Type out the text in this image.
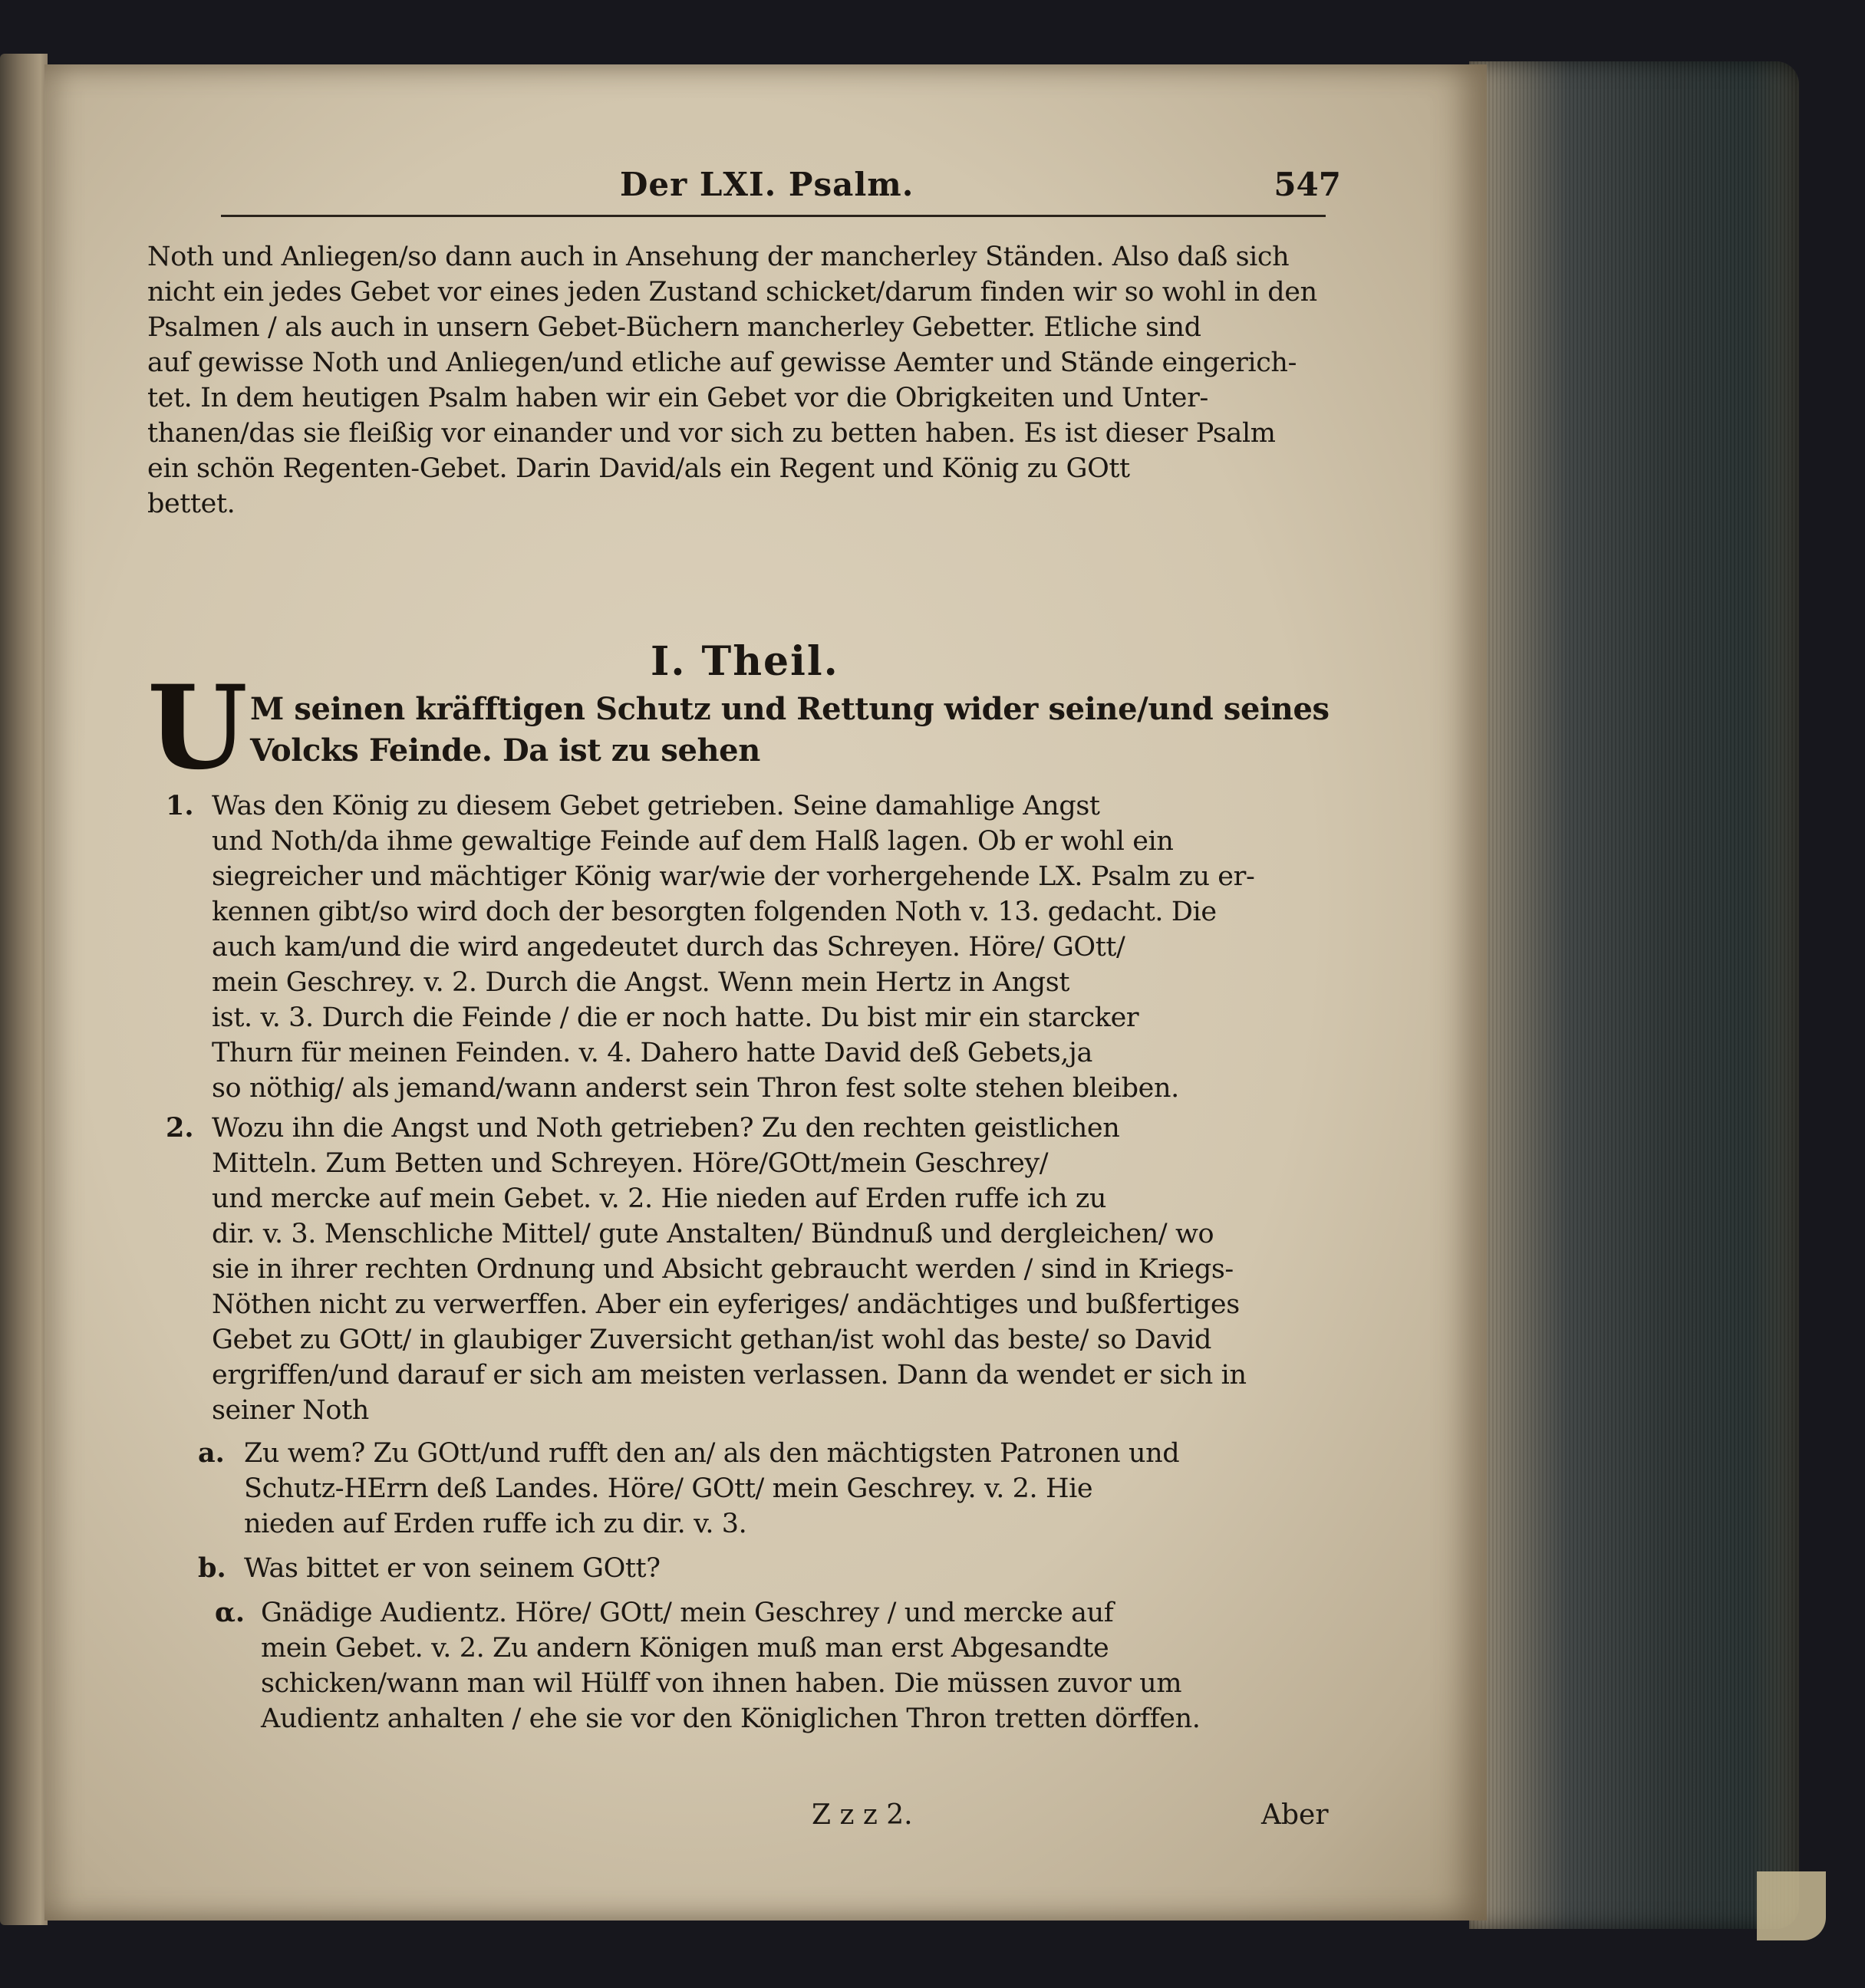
Der LXI. Psalm.	547
Noth und Anliegen/so dann auch in Ansehung der mancherley Ständen. Also daß sich
nicht ein jedes Gebet vor eines jeden Zustand schicket/darum finden wir so wohl in den
Psalmen / als auch in unsern Gebet-Büchern mancherley Gebetter. Etliche sind
auf gewisse Noth und Anliegen/und etliche auf gewisse Aemter und Stände eingerich-
tet. In dem heutigen Psalm haben wir ein Gebet vor die Obrigkeiten und Unter-
thanen/das sie fleißig vor einander und vor sich zu betten haben. Es ist dieser Psalm
ein schön Regenten-Gebet. Darin David/als ein Regent und König zu GOtt
bettet.
I. Theil.
U M seinen kräfftigen Schutz und Rettung wider seine/und seines
Volcks Feinde. Da ist zu sehen
1. Was den König zu diesem Gebet getrieben. Seine damahlige Angst
und Noth/da ihme gewaltige Feinde auf dem Halß lagen. Ob er wohl ein
siegreicher und mächtiger König war/wie der vorhergehende LX. Psalm zu er-
kennen gibt/so wird doch der besorgten folgenden Noth v. 13. gedacht. Die
auch kam/und die wird angedeutet durch das Schreyen. Höre/ GOtt/
mein Geschrey. v. 2. Durch die Angst. Wenn mein Hertz in Angst
ist. v. 3. Durch die Feinde / die er noch hatte. Du bist mir ein starcker
Thurn für meinen Feinden. v. 4. Dahero hatte David deß Gebets,ja
so nöthig/ als jemand/wann anderst sein Thron fest solte stehen bleiben.
2. Wozu ihn die Angst und Noth getrieben? Zu den rechten geistlichen
Mitteln. Zum Betten und Schreyen. Höre/GOtt/mein Geschrey/
und mercke auf mein Gebet. v. 2. Hie nieden auf Erden ruffe ich zu
dir. v. 3. Menschliche Mittel/ gute Anstalten/ Bündnuß und dergleichen/ wo
sie in ihrer rechten Ordnung und Absicht gebraucht werden / sind in Kriegs-
Nöthen nicht zu verwerffen. Aber ein eyferiges/ andächtiges und bußfertiges
Gebet zu GOtt/ in glaubiger Zuversicht gethan/ist wohl das beste/ so David
ergriffen/und darauf er sich am meisten verlassen. Dann da wendet er sich in
seiner Noth
a. Zu wem? Zu GOtt/und rufft den an/ als den mächtigsten Patronen und
Schutz-HErrn deß Landes. Höre/ GOtt/ mein Geschrey. v. 2. Hie
nieden auf Erden ruffe ich zu dir. v. 3.
b. Was bittet er von seinem GOtt?
α. Gnädige Audientz. Höre/ GOtt/ mein Geschrey / und mercke auf
mein Gebet. v. 2. Zu andern Königen muß man erst Abgesandte
schicken/wann man wil Hülff von ihnen haben. Die müssen zuvor um
Audientz anhalten / ehe sie vor den Königlichen Thron tretten dörffen.
Z z z 2.	Aber
